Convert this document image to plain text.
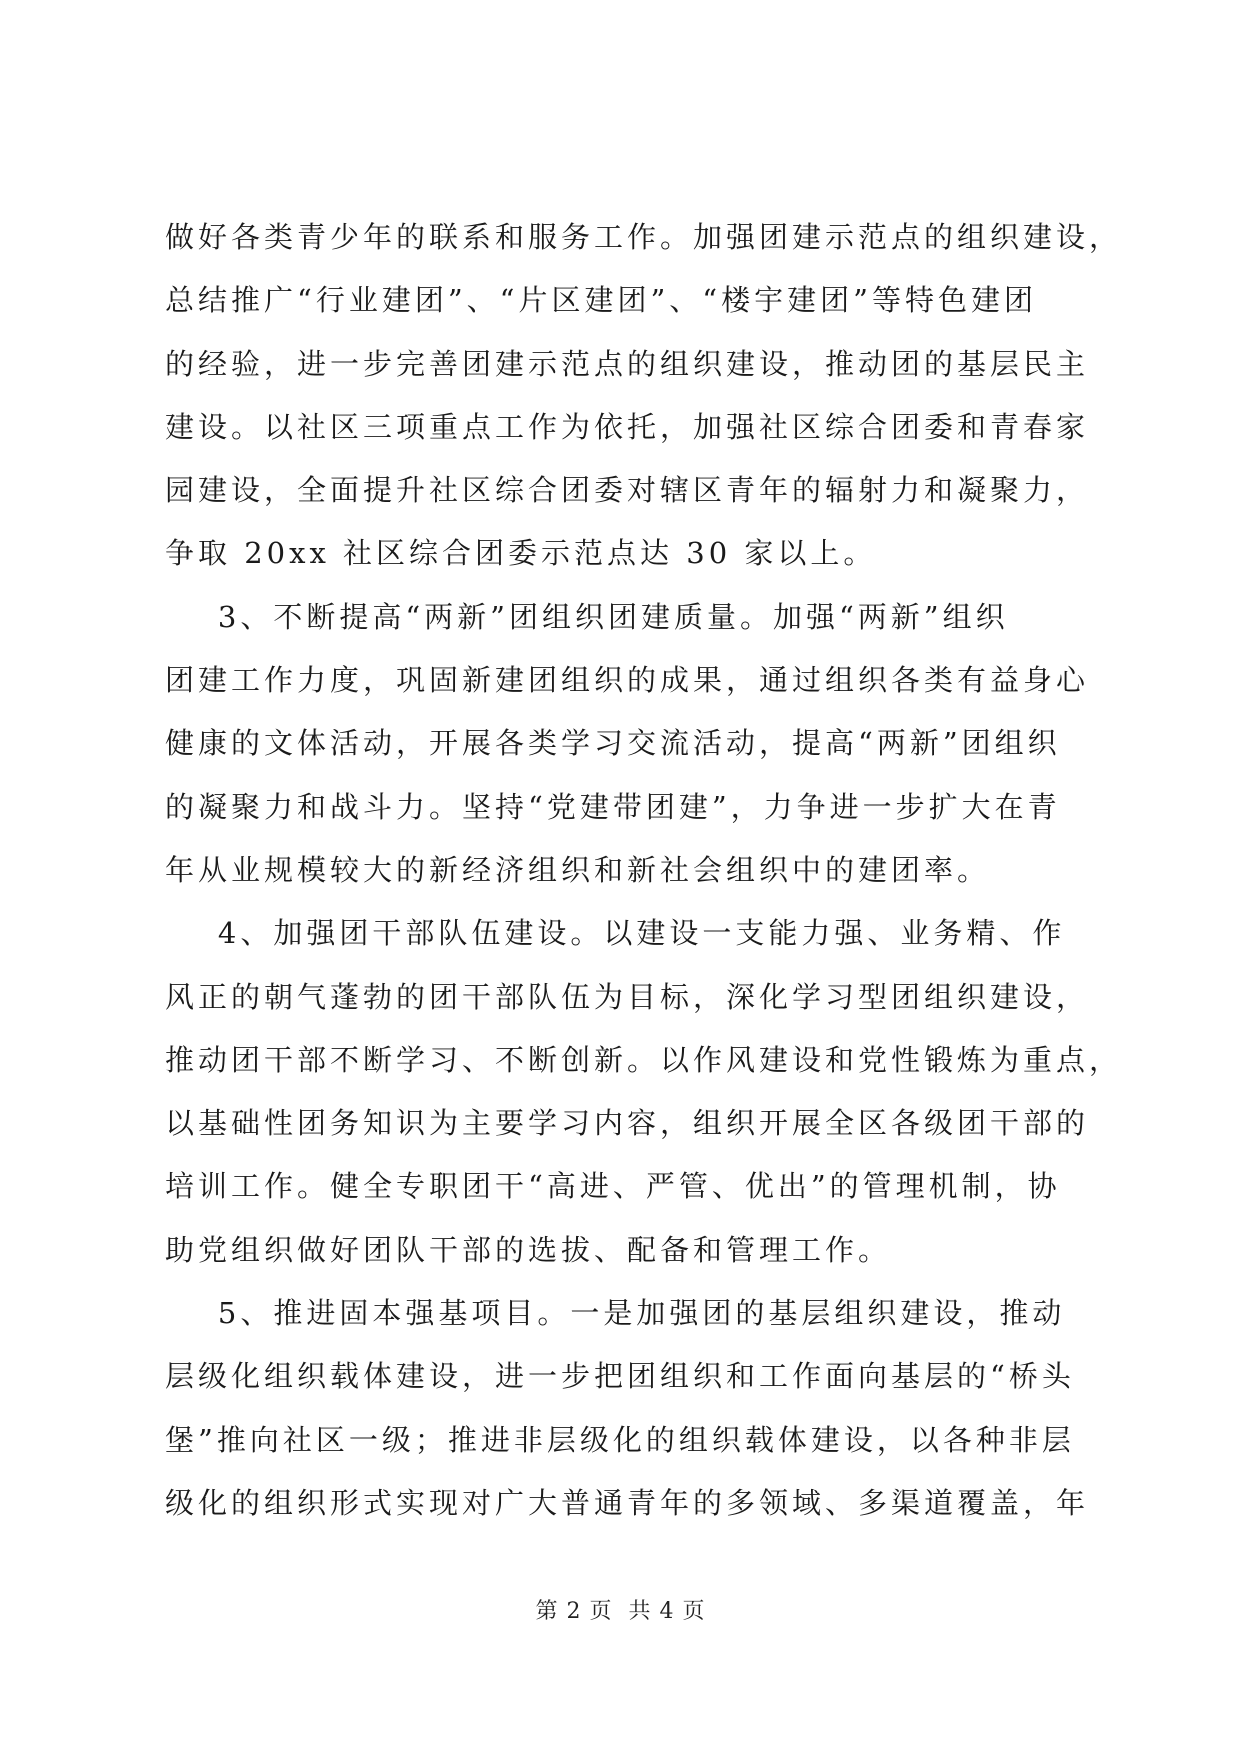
做好各类青少年的联系和服务工作。加强团建示范点的组织建设，
总结推广“行业建团”、“片区建团”、“楼宇建团”等特色建团
的经验，进一步完善团建示范点的组织建设，推动团的基层民主
建设。以社区三项重点工作为依托，加强社区综合团委和青春家
园建设，全面提升社区综合团委对辖区青年的辐射力和凝聚力，
争取 20xx 社区综合团委示范点达 30 家以上。
3、不断提高“两新”团组织团建质量。加强“两新”组织
团建工作力度，巩固新建团组织的成果，通过组织各类有益身心
健康的文体活动，开展各类学习交流活动，提高“两新”团组织
的凝聚力和战斗力。坚持“党建带团建”，力争进一步扩大在青
年从业规模较大的新经济组织和新社会组织中的建团率。
4、加强团干部队伍建设。以建设一支能力强、业务精、作
风正的朝气蓬勃的团干部队伍为目标，深化学习型团组织建设，
推动团干部不断学习、不断创新。以作风建设和党性锻炼为重点，
以基础性团务知识为主要学习内容，组织开展全区各级团干部的
培训工作。健全专职团干“高进、严管、优出”的管理机制，协
助党组织做好团队干部的选拔、配备和管理工作。
5、推进固本强基项目。一是加强团的基层组织建设，推动
层级化组织载体建设，进一步把团组织和工作面向基层的“桥头
堡”推向社区一级；推进非层级化的组织载体建设，以各种非层
级化的组织形式实现对广大普通青年的多领域、多渠道覆盖，年
第 2 页  共 4 页
